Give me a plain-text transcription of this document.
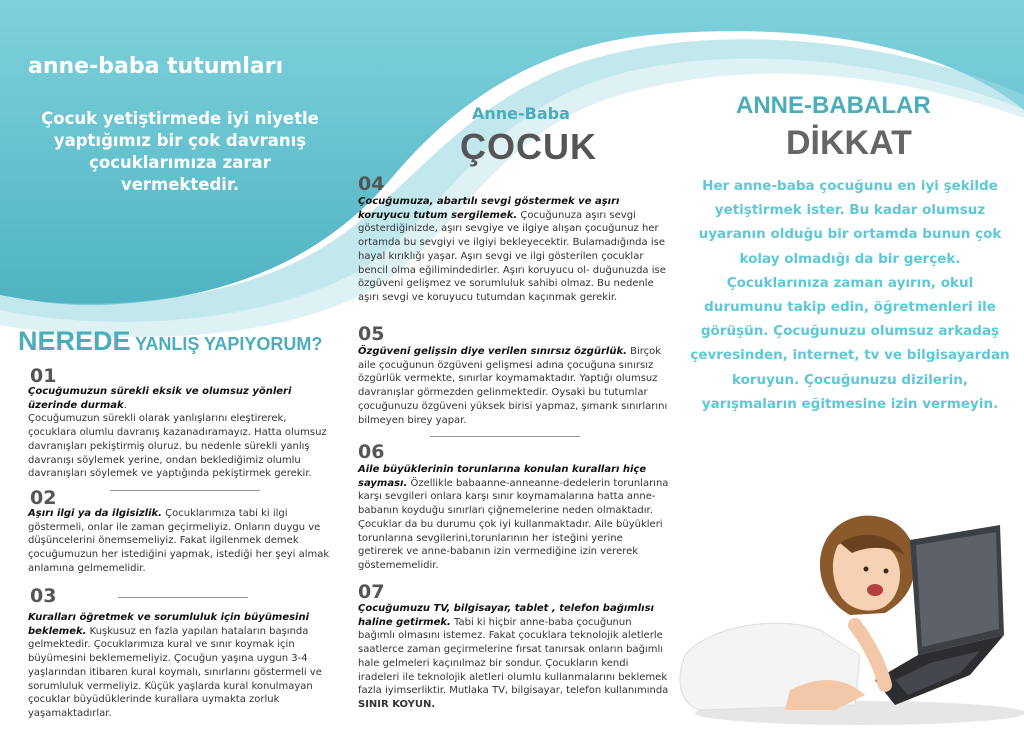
anne-baba tutumları
Çocuk yetiştirmede iyi niyetle yaptığımız bir çok davranış çocuklarımıza zarar vermektedir.
NEREDE YANLIŞ YAPIYORUM?
01
Çocuğumuzun sürekli eksik ve olumsuz yönleri üzerinde durmak.
Çocuğumuzun sürekli olarak yanlışlarını eleştirerek, çocuklara olumlu davranış kazanadıramayız. Hatta olumsuz davranışları pekiştirmiş oluruz. bu nedenle sürekli yanlış davranışı söylemek yerine, ondan beklediğimiz olumlu davranışları söylemek ve yaptığında pekiştirmek gerekir.
02
Aşırı ilgi ya da ilgisizlik. Çocuklarımıza tabi ki ilgi göstermeli, onlar ile zaman geçirmeliyiz. Onların duygu ve düşüncelerini önemsemeliyiz. Fakat ilgilenmek demek çocuğumuzun her istediğini yapmak, istediği her şeyi almak anlamına gelmemelidir.
03
Kuralları öğretmek ve sorumluluk için büyümesini beklemek. Kuşkusuz en fazla yapılan hataların başında gelmektedir. Çocuklarımıza kural ve sınır koymak için büyümesini beklememeliyiz. Çocuğun yaşına uygun 3-4 yaşlarından itibaren kural koymalı, sınırlarını göstermeli ve sorumluluk vermeliyiz. Küçük yaşlarda kural konulmayan çocuklar büyüdüklerinde kurallara uymakta zorluk yaşamaktadırlar.
Anne-Baba
ÇOCUK
04
Çocuğumuza, abartılı sevgi göstermek ve aşırı koruyucu tutum sergilemek. Çocuğunuza aşırı sevgi gösterdiğinizde, aşırı sevgiye ve ilgiye alışan çocuğunuz her ortamda bu sevgiyi ve ilgiyi bekleyecektir. Bulamadığında ise hayal kırıklığı yaşar. Aşırı sevgi ve ilgi gösterilen çocuklar bencil olma eğilimindedirler. Aşırı koruyucu ol- duğunuzda ise özgüveni gelişmez ve sorumluluk sahibi olmaz. Bu nedenle aşırı sevgi ve koruyucu tutumdan kaçınmak gerekir.
05
Özgüveni gelişsin diye verilen sınırsız özgürlük. Birçok aile çocuğunun özgüveni gelişmesi adına çocuğuna sınırsız özgürlük vermekte, sınırlar koymamaktadır. Yaptığı olumsuz davranışlar görmezden gelinmektedir. Oysaki bu tutumlar çocuğunuzu özgüveni yüksek birisi yapmaz, şımarık sınırlarını bilmeyen birey yapar.
06
Aile büyüklerinin torunlarına konulan kuralları hiçe sayması. Özellikle babaanne-anneanne-dedelerin torunlarına karşı sevgileri onlara karşı sınır koymamalarına hatta anne-babanın koyduğu sınırları çiğnemelerine neden olmaktadır. Çocuklar da bu durumu çok iyi kullanmaktadır. Aile büyükleri torunlarına sevgilerini,torunlarının her isteğini yerine getirerek ve anne-babanın izin vermediğine izin vererek göstememelidir.
07
Çocuğumuzu TV, bilgisayar, tablet , telefon bağımlısı haline getirmek. Tabi ki hiçbir anne-baba çocuğunun bağımlı olmasını istemez. Fakat çocuklara teknolojik aletlerle saatlerce zaman geçirmelerine fırsat tanırsak onların bağımlı hale gelmeleri kaçınılmaz bir sondur. Çocukların kendi iradeleri ile teknolojik aletleri olumlu kullanmalarını beklemek fazla iyimserliktir. Mutlaka TV, bilgisayar, telefon kullanımında SINIR KOYUN.
ANNE-BABALAR
DİKKAT
Her anne-baba çocuğunu en iyi şekilde yetiştirmek ister. Bu kadar olumsuz uyaranın olduğu bir ortamda bunun çok kolay olmadığı da bir gerçek. Çocuklarınıza zaman ayırın, okul durumunu takip edin, öğretmenleri ile görüşün. Çocuğunuzu olumsuz arkadaş çevresinden, internet, tv ve bilgisayardan koruyun. Çocuğunuzu dizilerin, yarışmaların eğitmesine izin vermeyin.
